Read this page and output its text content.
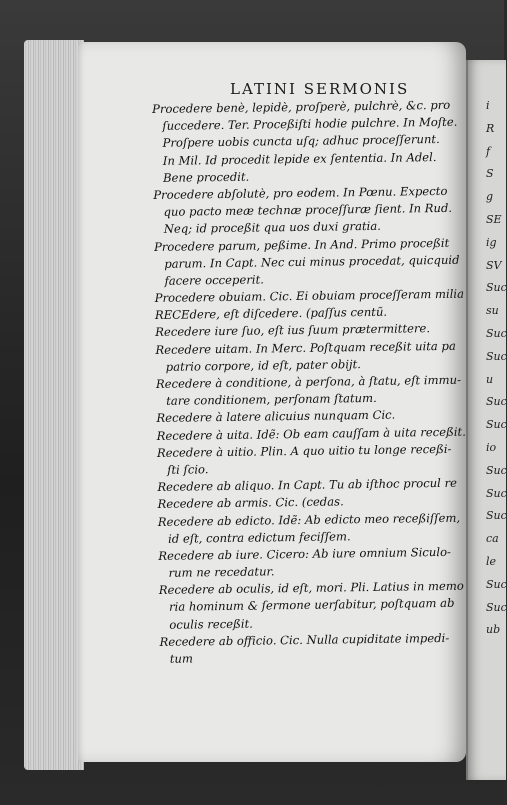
LATINI SERMONIS
Procedere benè, lepidè, proſperè, pulchrè, &c. pro
ſuccedere. Ter. Proceßiſti hodie pulchre. In Moſte.
Proſpere uobis cuncta uſq; adhuc proceſſerunt.
In Mil. Id procedit lepide ex ſententia. In Adel.
Bene procedit.
Procedere abſolutè, pro eodem. In Pœnu. Expecto
quo pacto meæ technæ proceſſuræ ſient. In Rud.
Neq; id proceßit qua uos duxi gratia.
Procedere parum, peßime. In And. Primo proceßit
parum. In Capt. Nec cui minus procedat, quicquid
facere occeperit.
Procedere obuiam. Cic. Ei obuiam proceſſeram milia
RECEdere, eſt diſcedere. (paſſus centũ.
Recedere iure ſuo, eſt ius ſuum prætermittere.
Recedere uitam. In Merc. Poſtquam receßit uita pa
patrio corpore, id eſt, pater obijt.
Recedere à conditione, à perſona, à ſtatu, eſt immu-
tare conditionem, perſonam ſtatum.
Recedere à latere alicuius nunquam Cic.
Recedere à uita. Idẽ: Ob eam cauſſam à uita receßit.
Recedere à uitio. Plin. A quo uitio tu longe receßi-
ſti ſcio.
Recedere ab aliquo. In Capt. Tu ab iſthoc procul re
Recedere ab armis. Cic. (cedas.
Recedere ab edicto. Idẽ: Ab edicto meo receßiſſem,
id eſt, contra edictum feciſſem.
Recedere ab iure. Cicero: Ab iure omnium Siculo-
rum ne recedatur.
Recedere ab oculis, id eſt, mori. Pli. Latius in memo
ria hominum & ſermone uerſabitur, poſtquam ab
oculis receßit.
Recedere ab officio. Cic. Nulla cupiditate impedi-
tum
i
R
f
S
g
SE
ig
SV
Suc
su
Suc
Suc
u
Suc
Suc
io
Suc
Suc
Suc
ca
le
Suc
Suc
ub
